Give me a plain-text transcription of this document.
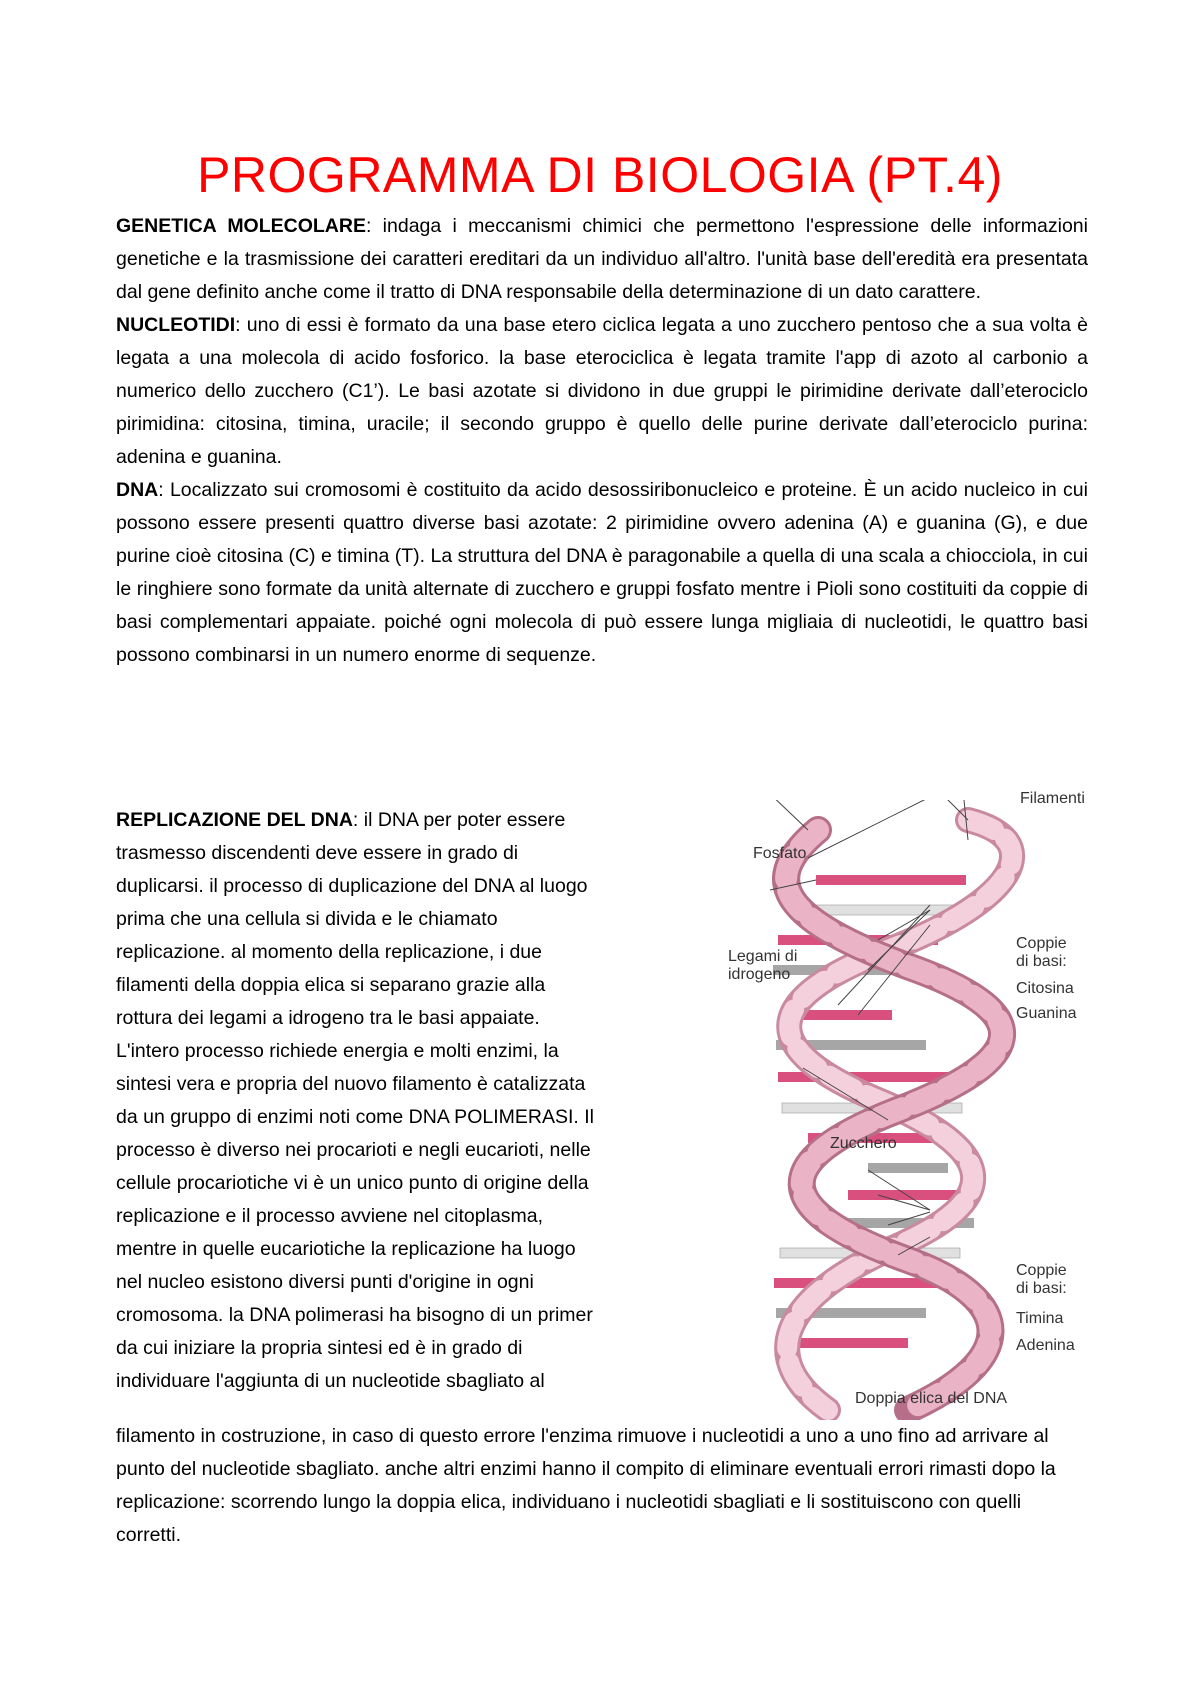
PROGRAMMA DI BIOLOGIA (PT.4)

GENETICA MOLECOLARE: indaga i meccanismi chimici che permettono l'espressione delle informazioni genetiche e la trasmissione dei caratteri ereditari da un individuo all'altro. l'unità base dell'eredità era presentata dal gene definito anche come il tratto di DNA responsabile della determinazione di un dato carattere.

NUCLEOTIDI: uno di essi è formato da una base etero ciclica legata a uno zucchero pentoso che a sua volta è legata a una molecola di acido fosforico. la base eterociclica è legata tramite l'app di azoto al carbonio a numerico dello zucchero (C1’). Le basi azotate si dividono in due gruppi le pirimidine derivate dall’eterociclo pirimidina: citosina, timina, uracile; il secondo gruppo è quello delle purine derivate dall’eterociclo purina: adenina e guanina.

DNA: Localizzato sui cromosomi è costituito da acido desossiribonucleico e proteine. È un acido nucleico in cui possono essere presenti quattro diverse basi azotate: 2 pirimidine ovvero adenina (A) e guanina (G), e due purine cioè citosina (C) e timina (T). La struttura del DNA è paragonabile a quella di una scala a chiocciola, in cui le ringhiere sono formate da unità alternate di zucchero e gruppi fosfato mentre i Pioli sono costituiti da coppie di basi complementari appaiate. poiché ogni molecola di può essere lunga migliaia di nucleotidi, le quattro basi possono combinarsi in un numero enorme di sequenze.

REPLICAZIONE DEL DNA: il DNA per poter essere
trasmesso discendenti deve essere in grado di
duplicarsi. il processo di duplicazione del DNA al luogo
prima che una cellula si divida e le chiamato
replicazione. al momento della replicazione, i due
filamenti della doppia elica si separano grazie alla
rottura dei legami a idrogeno tra le basi appaiate.
L'intero processo richiede energia e molti enzimi, la
sintesi vera e propria del nuovo filamento è catalizzata
da un gruppo di enzimi noti come DNA POLIMERASI. Il
processo è diverso nei procarioti e negli eucarioti, nelle
cellule procariotiche vi è un unico punto di origine della
replicazione e il processo avviene nel citoplasma,
mentre in quelle eucariotiche la replicazione ha luogo
nel nucleo esistono diversi punti d'origine in ogni
cromosoma. la DNA polimerasi ha bisogno di un primer
da cui iniziare la propria sintesi ed è in grado di
individuare l'aggiunta di un nucleotide sbagliato al
filamento in costruzione, in caso di questo errore l'enzima rimuove i nucleotidi a uno a uno fino ad arrivare al punto del nucleotide sbagliato. anche altri enzimi hanno il compito di eliminare eventuali errori rimasti dopo la replicazione: scorrendo lungo la doppia elica, individuano i nucleotidi sbagliati e li sostituiscono con quelli corretti.
Filamenti
Fosfato
Legami di
idrogeno
Coppie
di basi:
Citosina
Guanina
Zucchero
Coppie
di basi:
Timina
Adenina
Doppia elica del DNA
